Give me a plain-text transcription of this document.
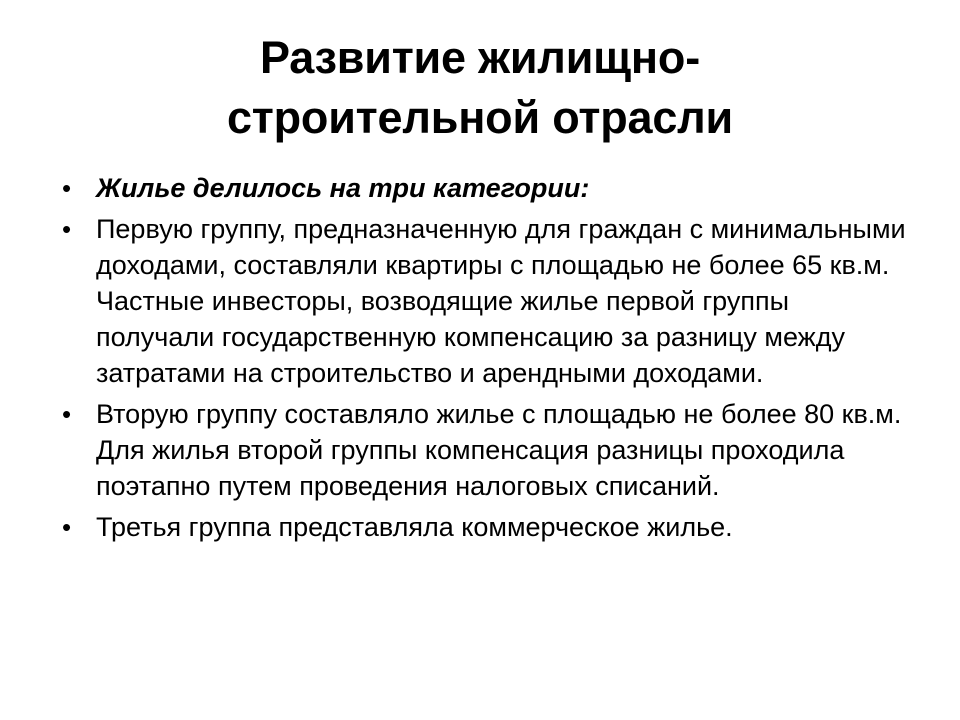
Развитие жилищно-
строительной отрасли
• Жилье делилось на три категории:
• Первую группу, предназначенную для граждан с минимальными доходами, составляли квартиры с площадью не более 65 кв.м. Частные инвесторы, возводящие жилье первой группы получали государственную компенсацию за разницу между затратами на строительство и арендными доходами.
• Вторую группу составляло жилье с площадью не более 80 кв.м. Для жилья второй группы компенсация разницы проходила поэтапно путем проведения налоговых списаний.
• Третья группа представляла коммерческое жилье.
